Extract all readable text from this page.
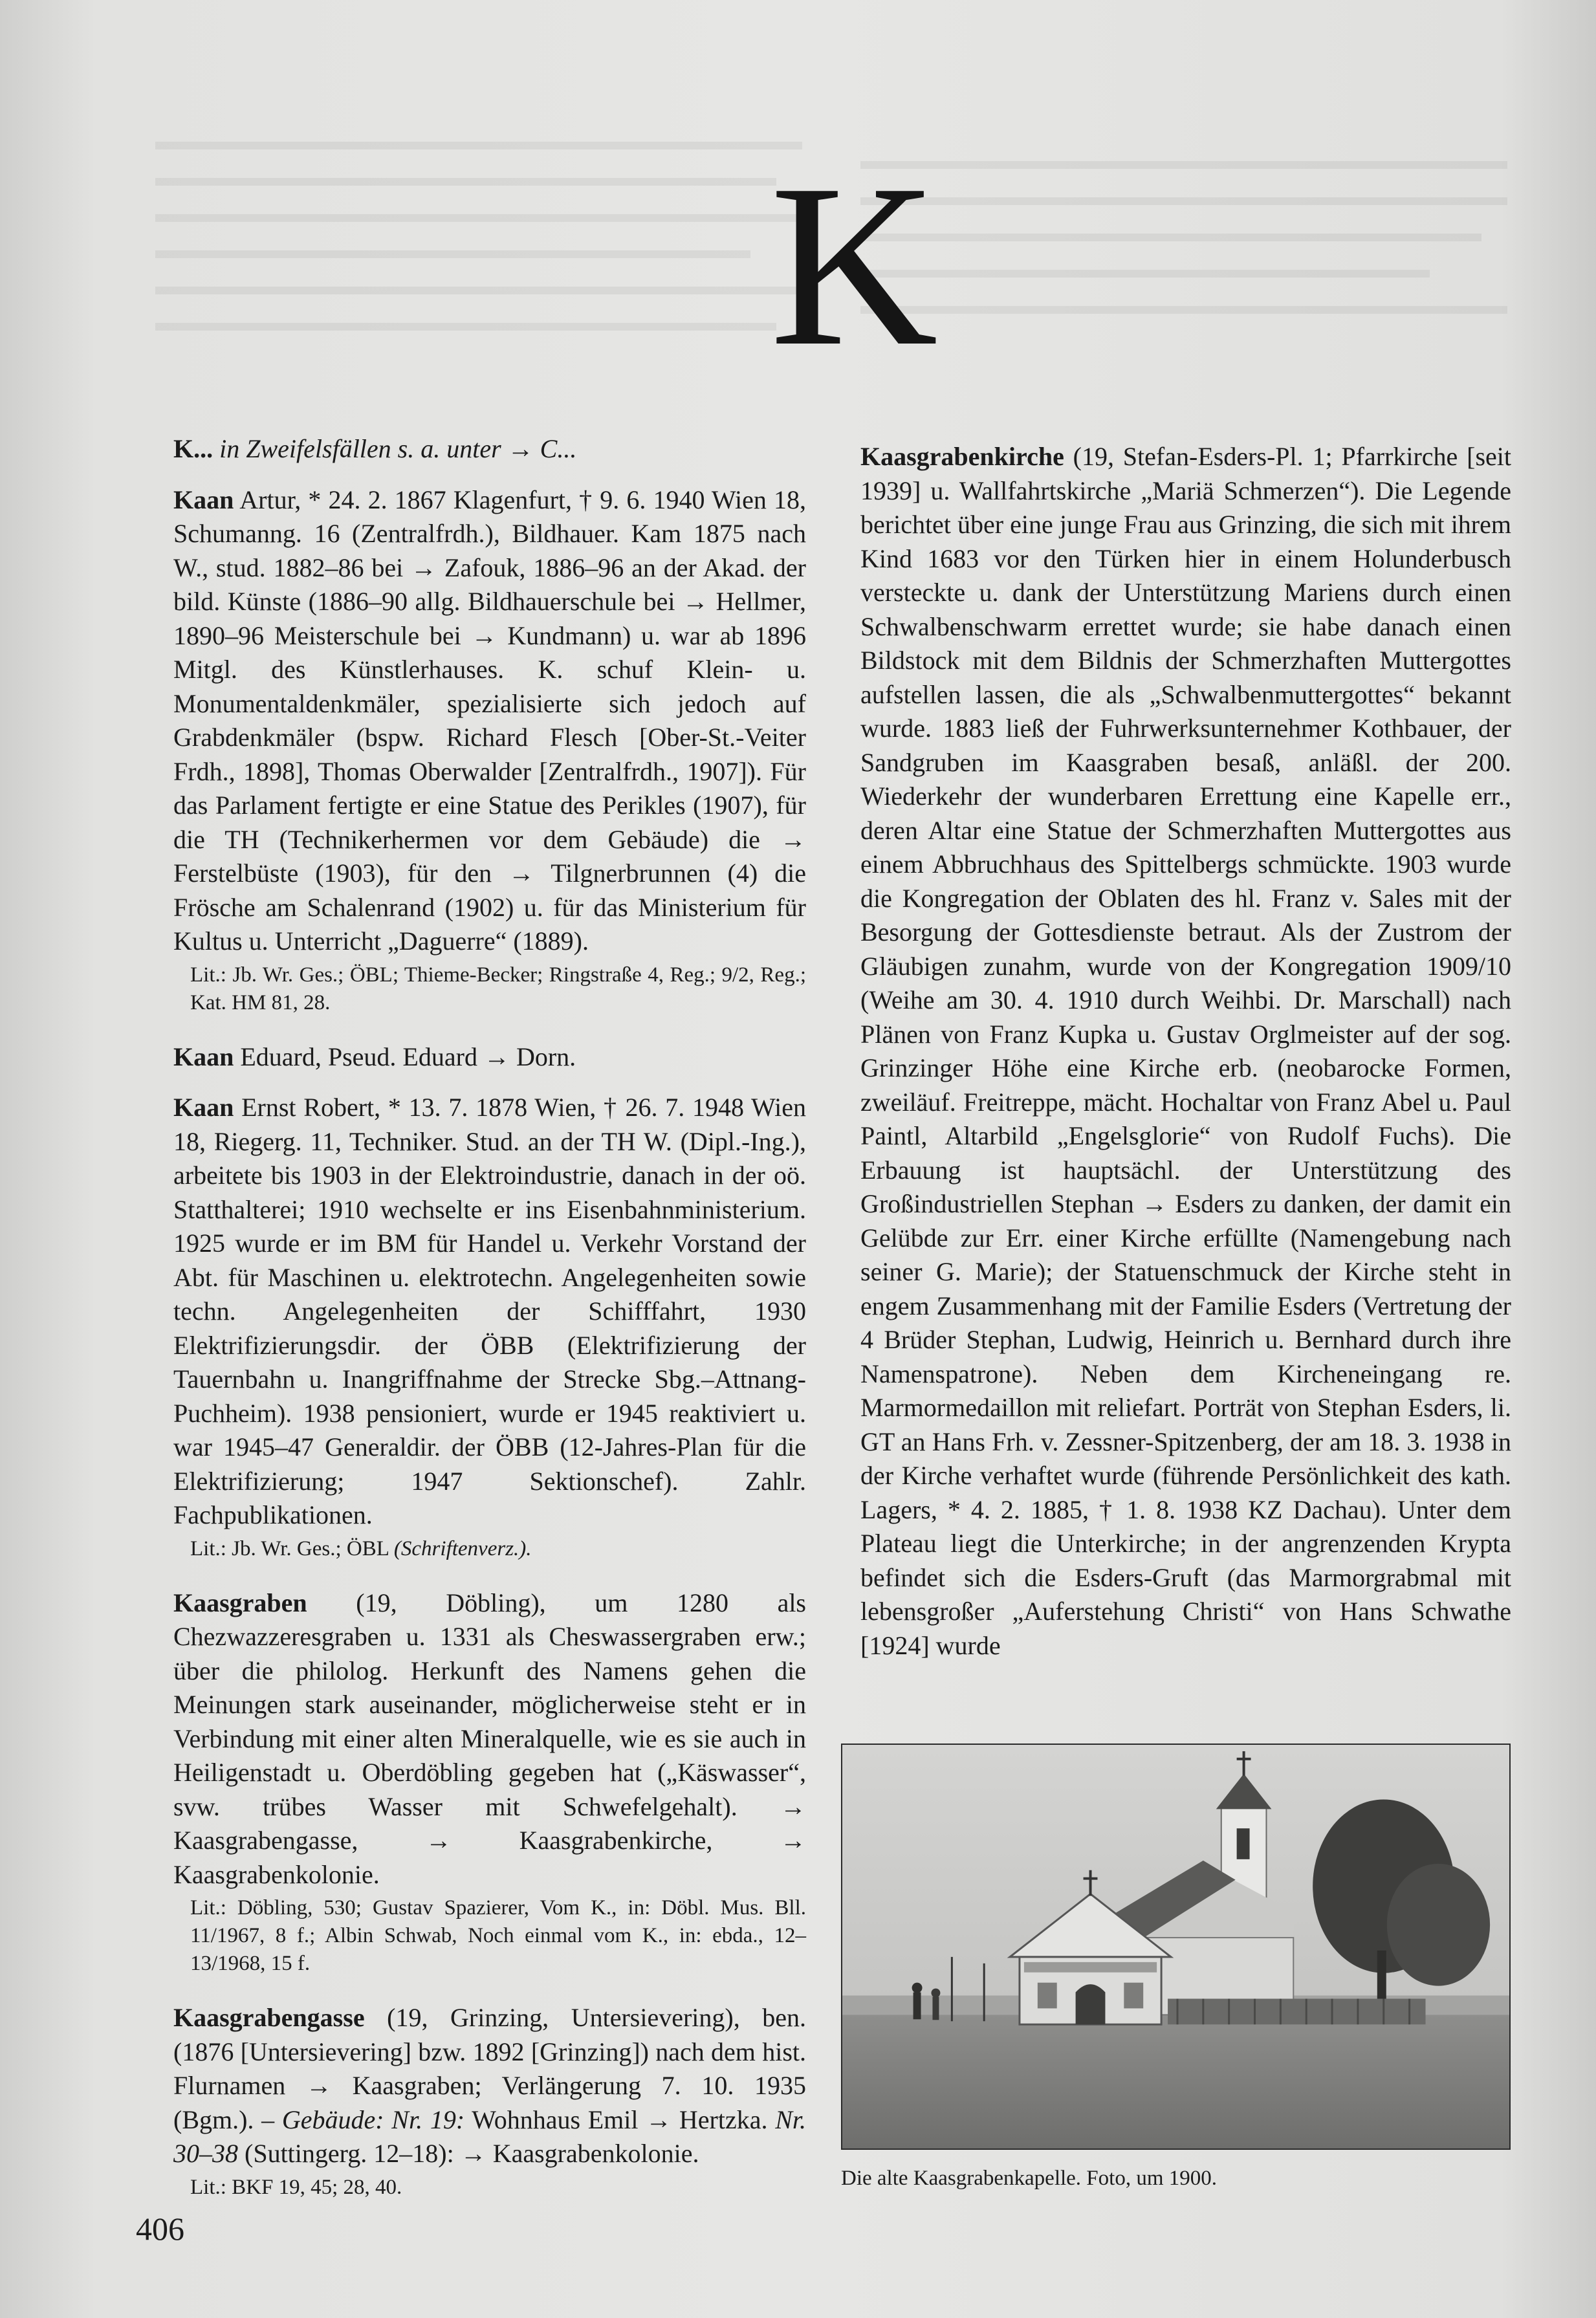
▬▬▬▬▬▬▬▬▬▬▬▬▬▬▬▬▬▬▬▬▬▬▬▬▬
▬▬▬▬▬▬▬▬▬▬▬▬▬▬▬▬▬▬▬▬▬▬▬▬
▬▬▬▬▬▬▬▬▬▬▬▬▬▬▬▬▬▬▬▬▬▬▬▬▬
▬▬▬▬▬▬▬▬▬▬▬▬▬▬▬▬▬▬▬▬▬▬▬
▬▬▬▬▬▬▬▬▬▬▬▬▬▬▬▬▬▬▬▬▬▬▬▬▬
▬▬▬▬▬▬▬▬▬▬▬▬▬▬▬▬▬▬▬▬▬▬▬▬
▬▬▬▬▬▬▬▬▬▬▬▬▬▬▬▬▬▬▬▬▬▬▬▬▬
▬▬▬▬▬▬▬▬▬▬▬▬▬▬▬▬▬▬▬▬▬▬▬▬▬
▬▬▬▬▬▬▬▬▬▬▬▬▬▬▬▬▬▬▬▬▬▬▬▬
▬▬▬▬▬▬▬▬▬▬▬▬▬▬▬▬▬▬▬▬▬▬
▬▬▬▬▬▬▬▬▬▬▬▬▬▬▬▬▬▬▬▬▬▬▬▬▬
K

K... in Zweifelsfällen s. a. unter → C...

Kaan Artur, * 24. 2. 1867 Klagenfurt, † 9. 6. 1940 Wien 18, Schumanng. 16 (Zentralfrdh.), Bildhauer. Kam 1875 nach W., stud. 1882–86 bei → Zafouk, 1886–96 an der Akad. der bild. Künste (1886–90 allg. Bildhauerschule bei → Hellmer, 1890–96 Meisterschule bei → Kundmann) u. war ab 1896 Mitgl. des Künstlerhauses. K. schuf Klein- u. Monumentaldenkmäler, spezialisierte sich jedoch auf Grabdenkmäler (bspw. Richard Flesch [Ober-St.-Veiter Frdh., 1898], Thomas Oberwalder [Zentralfrdh., 1907]). Für das Parlament fertigte er eine Statue des Perikles (1907), für die TH (Technikerhermen vor dem Gebäude) die → Ferstelbüste (1903), für den → Tilgnerbrunnen (4) die Frösche am Schalenrand (1902) u. für das Ministerium für Kultus u. Unterricht „Daguerre“ (1889).

Lit.: Jb. Wr. Ges.; ÖBL; Thieme-Becker; Ringstraße 4, Reg.; 9/2, Reg.; Kat. HM 81, 28.

Kaan Eduard, Pseud. Eduard → Dorn.

Kaan Ernst Robert, * 13. 7. 1878 Wien, † 26. 7. 1948 Wien 18, Riegerg. 11, Techniker. Stud. an der TH W. (Dipl.-Ing.), arbeitete bis 1903 in der Elektroindustrie, danach in der oö. Statthalterei; 1910 wechselte er ins Eisenbahnministerium. 1925 wurde er im BM für Handel u. Verkehr Vorstand der Abt. für Maschinen u. elektrotechn. Angelegenheiten sowie techn. Angelegenheiten der Schifffahrt, 1930 Elektrifizierungsdir. der ÖBB (Elektrifizierung der Tauernbahn u. Inangriffnahme der Strecke Sbg.–Attnang-Puchheim). 1938 pensioniert, wurde er 1945 reaktiviert u. war 1945–47 Generaldir. der ÖBB (12-Jahres-Plan für die Elektrifizierung; 1947 Sektionschef). Zahlr. Fachpublikationen.

Lit.: Jb. Wr. Ges.; ÖBL (Schriftenverz.).

Kaasgraben (19, Döbling), um 1280 als Chezwazzeresgraben u. 1331 als Cheswassergraben erw.; über die philolog. Herkunft des Namens gehen die Meinungen stark auseinander, möglicherweise steht er in Verbindung mit einer alten Mineralquelle, wie es sie auch in Heiligenstadt u. Oberdöbling gegeben hat („Käswasser“, svw. trübes Wasser mit Schwefelgehalt). → Kaasgrabengasse, → Kaasgrabenkirche, → Kaasgrabenkolonie.

Lit.: Döbling, 530; Gustav Spazierer, Vom K., in: Döbl. Mus. Bll. 11/1967, 8 f.; Albin Schwab, Noch einmal vom K., in: ebda., 12–13/1968, 15 f.

Kaasgrabengasse (19, Grinzing, Untersievering), ben. (1876 [Untersievering] bzw. 1892 [Grinzing]) nach dem hist. Flurnamen → Kaasgraben; Verlängerung 7. 10. 1935 (Bgm.). – Gebäude: Nr. 19: Wohnhaus Emil → Hertzka. Nr. 30–38 (Suttingerg. 12–18): → Kaasgrabenkolonie.

Lit.: BKF 19, 45; 28, 40.

Kaasgrabenkirche (19, Stefan-Esders-Pl. 1; Pfarrkirche [seit 1939] u. Wallfahrtskirche „Mariä Schmerzen“). Die Legende berichtet über eine junge Frau aus Grinzing, die sich mit ihrem Kind 1683 vor den Türken hier in einem Holunderbusch versteckte u. dank der Unterstützung Mariens durch einen Schwalbenschwarm errettet wurde; sie habe danach einen Bildstock mit dem Bildnis der Schmerzhaften Muttergottes aufstellen lassen, die als „Schwalbenmuttergottes“ bekannt wurde. 1883 ließ der Fuhrwerksunternehmer Kothbauer, der Sandgruben im Kaasgraben besaß, anläßl. der 200. Wiederkehr der wunderbaren Errettung eine Kapelle err., deren Altar eine Statue der Schmerzhaften Muttergottes aus einem Abbruchhaus des Spittelbergs schmückte. 1903 wurde die Kongregation der Oblaten des hl. Franz v. Sales mit der Besorgung der Gottesdienste betraut. Als der Zustrom der Gläubigen zunahm, wurde von der Kongregation 1909/10 (Weihe am 30. 4. 1910 durch Weihbi. Dr. Marschall) nach Plänen von Franz Kupka u. Gustav Orglmeister auf der sog. Grinzinger Höhe eine Kirche erb. (neobarocke Formen, zweiläuf. Freitreppe, mächt. Hochaltar von Franz Abel u. Paul Paintl, Altarbild „Engelsglorie“ von Rudolf Fuchs). Die Erbauung ist hauptsächl. der Unterstützung des Großindustriellen Stephan → Esders zu danken, der damit ein Gelübde zur Err. einer Kirche erfüllte (Namengebung nach seiner G. Marie); der Statuenschmuck der Kirche steht in engem Zusammenhang mit der Familie Esders (Vertretung der 4 Brüder Stephan, Ludwig, Heinrich u. Bernhard durch ihre Namenspatrone). Neben dem Kircheneingang re. Marmormedaillon mit reliefart. Porträt von Stephan Esders, li. GT an Hans Frh. v. Zessner-Spitzenberg, der am 18. 3. 1938 in der Kirche verhaftet wurde (führende Persönlichkeit des kath. Lagers, * 4. 2. 1885, † 1. 8. 1938 KZ Dachau). Unter dem Plateau liegt die Unterkirche; in der angrenzenden Krypta befindet sich die Esders-Gruft (das Marmorgrabmal mit lebensgroßer „Auferstehung Christi“ von Hans Schwathe [1924] wurde

Die alte Kaasgrabenkapelle. Foto, um 1900.
406
